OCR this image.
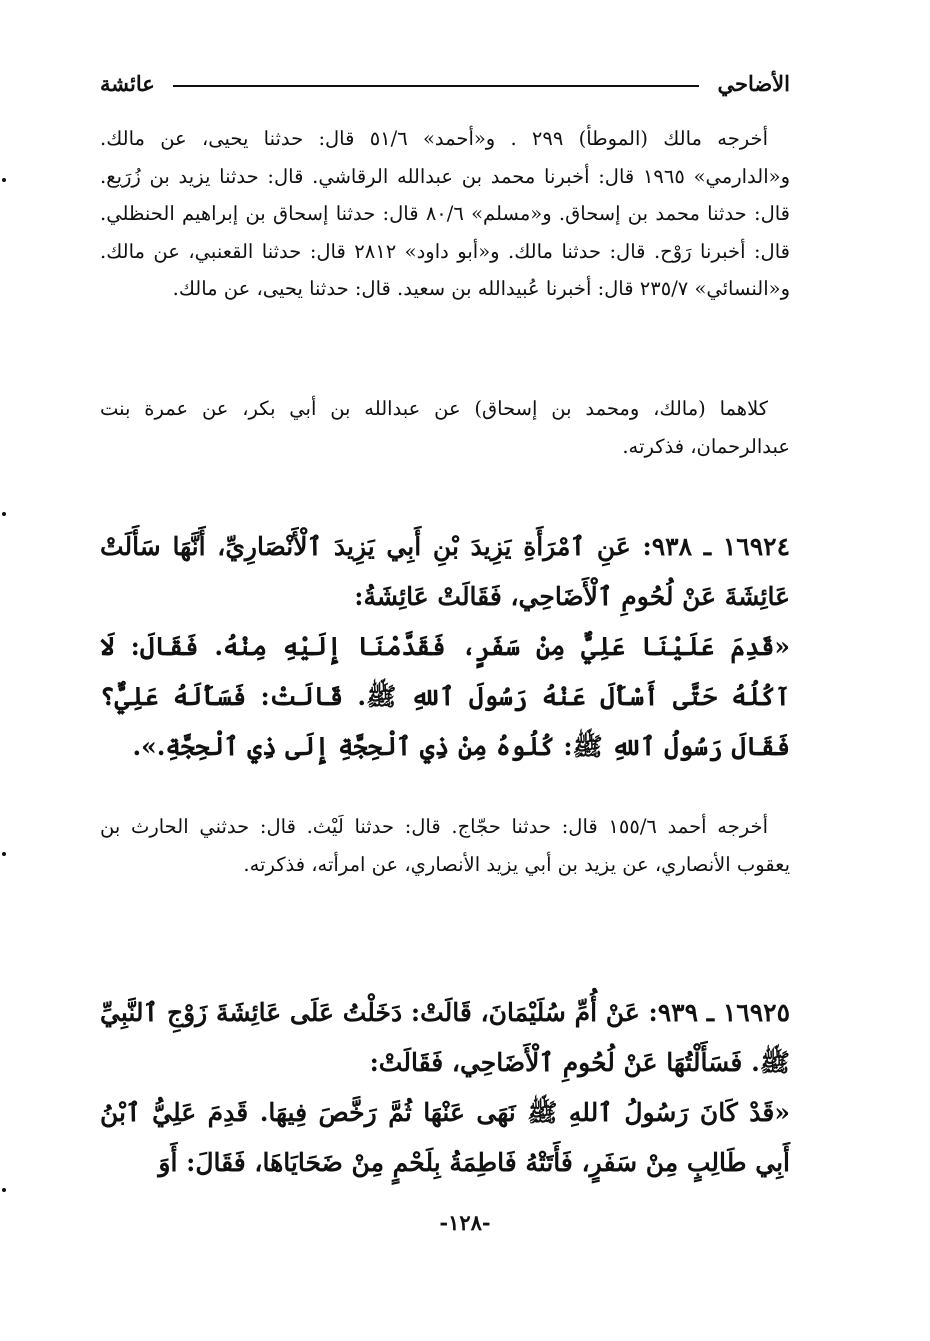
الأضاحي
عائشة

أخرجه مالك (الموطأ) ٢٩٩ . و«أحمد» ٥١/٦ قال: حدثنا يحيى، عن مالك. و«الدارمي» ١٩٦٥ قال: أخبرنا محمد بن عبدالله الرقاشي. قال: حدثنا يزيد بن زُرَيع. قال: حدثنا محمد بن إسحاق. و«مسلم» ٨٠/٦ قال: حدثنا إسحاق بن إبراهيم الحنظلي. قال: أخبرنا رَوْح. قال: حدثنا مالك. و«أبو داود» ٢٨١٢ قال: حدثنا القعنبي، عن مالك. و«النسائي» ٢٣٥/٧ قال: أخبرنا عُبيدالله بن سعيد. قال: حدثنا يحيى، عن مالك.

كلاهما (مالك، ومحمد بن إسحاق) عن عبدالله بن أبي بكر، عن عمرة بنت عبدالرحمان، فذكرته.

١٦٩٢٤ ـ ٩٣٨: عَنِ ٱمْرَأَةِ يَزِيدَ بْنِ أَبِي يَزِيدَ ٱلْأَنْصَارِيِّ، أَنَّهَا سَأَلَتْ عَائِشَةَ عَنْ لُحُومِ ٱلْأَضَاحِي، فَقَالَتْ عَائِشَةُ:

«قَدِمَ عَلَيْنَا عَلِيٌّ مِنْ سَفَرٍ، فَقَدَّمْنَا إِلَيْهِ مِنْهُ. فَقَالَ: لَا آكُلُهُ حَتَّى أَسْأَلَ عَنْهُ رَسُولَ ٱللهِ ﷺ. قَالَتْ: فَسَأَلَهُ عَلِيٌّ؟ فَقَالَ رَسُولُ ٱللهِ ﷺ: كُلُوهُ مِنْ ذِي ٱلْحِجَّةِ إِلَى ذِي ٱلْحِجَّةِ.».

أخرجه أحمد ١٥٥/٦ قال: حدثنا حجّاج. قال: حدثنا لَيْث. قال: حدثني الحارث بن يعقوب الأنصاري، عن يزيد بن أبي يزيد الأنصاري، عن امرأته، فذكرته.

١٦٩٢٥ ـ ٩٣٩: عَنْ أُمِّ سُلَيْمَانَ، قَالَتْ: دَخَلْتُ عَلَى عَائِشَةَ زَوْجِ ٱلنَّبِيِّ ﷺ. فَسَأَلْتُهَا عَنْ لُحُومِ ٱلْأَضَاحِي، فَقَالَتْ:

«قَدْ كَانَ رَسُولُ ٱللهِ ﷺ نَهَى عَنْهَا ثُمَّ رَخَّصَ فِيهَا. قَدِمَ عَلِيُّ ٱبْنُ أَبِي طَالِبٍ مِنْ سَفَرٍ، فَأَتَتْهُ فَاطِمَةُ بِلَحْمٍ مِنْ ضَحَايَاهَا، فَقَالَ: أَوَ

-١٢٨-
